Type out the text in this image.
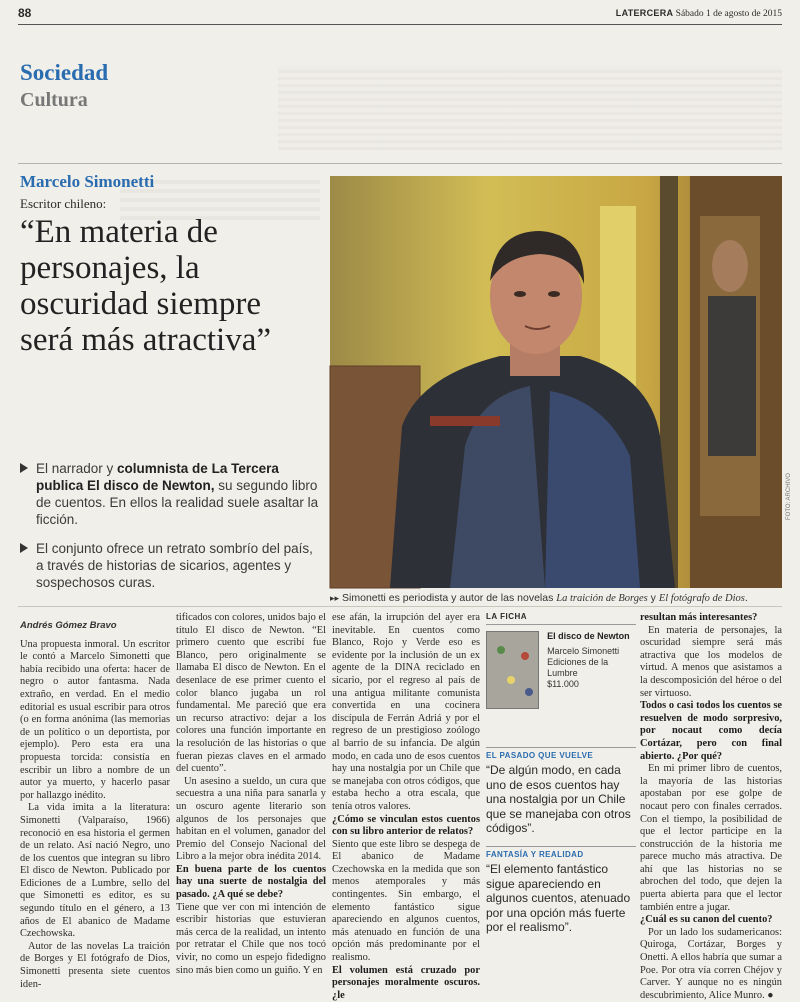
88	LATERCERA Sábado 1 de agosto de 2015
Sociedad
Cultura
Marcelo Simonetti
Escritor chileno:
“En materia de personajes, la oscuridad siempre será más atractiva”
El narrador y columnista de La Tercera publica El disco de Newton, su segundo libro de cuentos. En ellos la realidad suele asaltar la ficción.
El conjunto ofrece un retrato sombrío del país, a través de historias de sicarios, agentes y sospechosos curas.
FOTO: ARCHIVO
▸▸ Simonetti es periodista y autor de las novelas La traición de Borges y El fotógrafo de Dios.
Andrés Gómez Bravo

Una propuesta inmoral. Un escritor le contó a Marcelo Simonetti que había recibido una oferta: hacer de negro o autor fantasma. Nada extraño, en verdad. En el medio editorial es usual escribir para otros (o en forma anónima (las memorias de un político o un deportista, por ejemplo). Pero esta era una propuesta torcida: consistía en escribir un libro a nombre de un autor ya muerto, y hacerlo pasar por hallazgo inédito.

La vida imita a la literatura: Simonetti (Valparaíso, 1966) reconoció en esa historia el germen de un relato. Así nació Negro, uno de los cuentos que integran su libro El disco de Newton. Publicado por Ediciones de a Lumbre, sello del que Simonetti es editor, es su segundo título en el género, a 13 años de El abanico de Madame Czechowska.

Autor de las novelas La traición de Borges y El fotógrafo de Dios, Simonetti presenta siete cuentos iden-

tificados con colores, unidos bajo el título El disco de Newton. “El primero cuento que escribí fue Blanco, pero originalmente se llamaba El disco de Newton. En el desenlace de ese primer cuento el color blanco jugaba un rol fundamental. Me pareció que era un recurso atractivo: dejar a los colores una función importante en la resolución de las historias o que fueran piezas claves en el armado del cuento”.

Un asesino a sueldo, un cura que secuestra a una niña para sanarla y un oscuro agente literario son algunos de los personajes que habitan en el volumen, ganador del Premio del Consejo Nacional del Libro a la mejor obra inédita 2014.

En buena parte de los cuentos hay una suerte de nostalgia del pasado. ¿A qué se debe?

Tiene que ver con mi intención de escribir historias que estuvieran más cerca de la realidad, un intento por retratar el Chile que nos tocó vivir, no como un espejo fidedigno sino más bien como un guiño. Y en

ese afán, la irrupción del ayer era inevitable. En cuentos como Blanco, Rojo y Verde eso es evidente por la inclusión de un ex agente de la DINA reciclado en sicario, por el regreso al país de una antigua militante comunista convertida en una cocinera discípula de Ferrán Adriá y por el regreso de un prestigioso zoólogo al barrio de su infancia. De algún modo, en cada uno de esos cuentos hay una nostalgia por un Chile que se manejaba con otros códigos, que estaba hecho a otra escala, que tenía otros valores.

¿Cómo se vinculan estos cuentos con su libro anterior de relatos?

Siento que este libro se despega de El abanico de Madame Czechowska en la medida que son menos atemporales y más contingentes. Sin embargo, el elemento fantástico sigue apareciendo en algunos cuentos, más atenuado en función de una opción más predominante por el realismo.

El volumen está cruzado por personajes moralmente oscuros. ¿le

LA FICHA
El disco de Newton
Marcelo Simonetti
Ediciones de la Lumbre
$11.000
EL PASADO QUE VUELVE
“De algún modo, en cada uno de esos cuentos hay una nostalgia por un Chile que se manejaba con otros códigos”.
FANTASÍA Y REALIDAD
“El elemento fantástico sigue apareciendo en algunos cuentos, atenuado por una opción más fuerte por el realismo”.

resultan más interesantes?

En materia de personajes, la oscuridad siempre será más atractiva que los modelos de virtud. A menos que asistamos a la descomposición del héroe o del ser virtuoso.

Todos o casi todos los cuentos se resuelven de modo sorpresivo, por nocaut como decía Cortázar, pero con final abierto. ¿Por qué?

En mi primer libro de cuentos, la mayoría de las historias apostaban por ese golpe de nocaut pero con finales cerrados. Con el tiempo, la posibilidad de que el lector participe en la construcción de la historia me parece mucho más atractiva. De ahí que las historias no se abrochen del todo, que dejen la puerta abierta para que el lector también entre a jugar.

¿Cuál es su canon del cuento?

Por un lado los sudamericanos: Quiroga, Cortázar, Borges y Onetti. A ellos habría que sumar a Poe. Por otra vía corren Chéjov y Carver. Y aunque no es ningún descubrimiento, Alice Munro. ●
